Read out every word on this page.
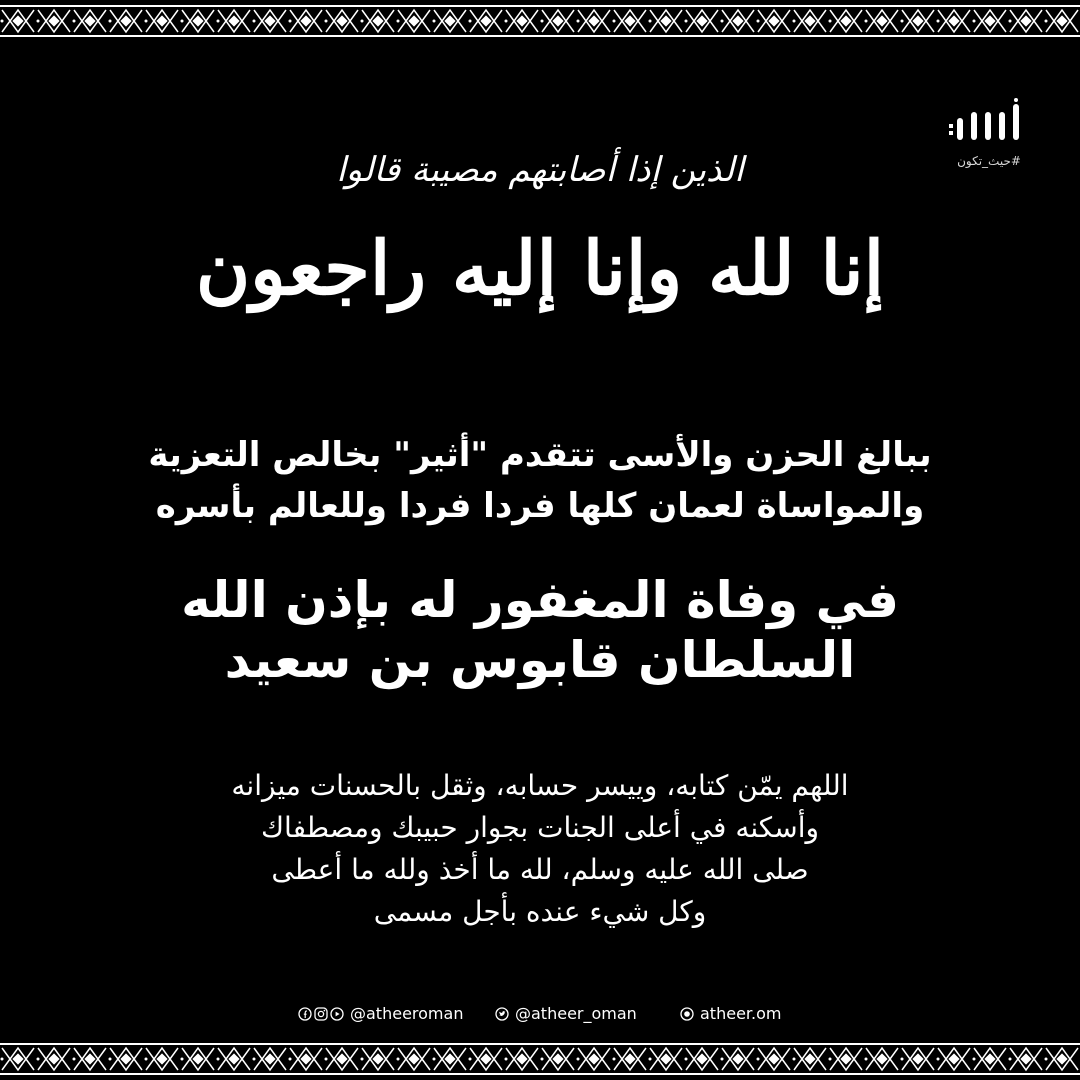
#حيث_تكون
الذين إذا أصابتهم مصيبة قالوا
إنا لله وإنا إليه راجعون
ببالغ الحزن والأسى تتقدم "أثير" بخالص التعزية
والمواساة لعمان كلها فردا فردا وللعالم بأسره
في وفاة المغفور له بإذن الله
السلطان قابوس بن سعيد
اللهم يمّن كتابه، وييسر حسابه، وثقل بالحسنات ميزانه
وأسكنه في أعلى الجنات بجوار حبيبك ومصطفاك
صلى الله عليه وسلم، لله ما أخذ ولله ما أعطى
وكل شيء عنده بأجل مسمى
@atheeroman	@atheer_oman	atheer.om
